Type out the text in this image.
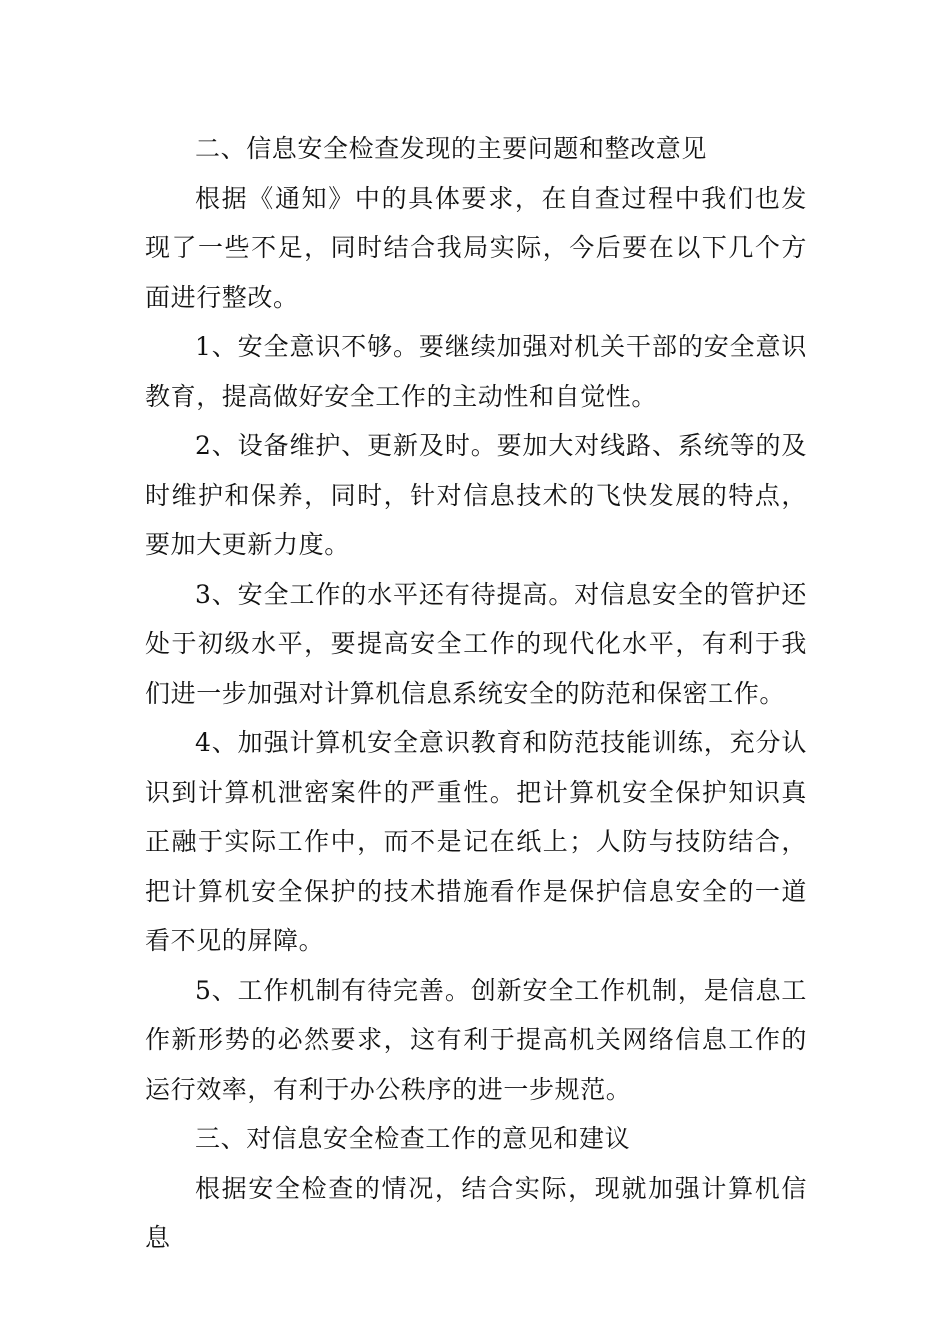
二、信息安全检查发现的主要问题和整改意见

根据《通知》中的具体要求，在自查过程中我们也发现了一些不足，同时结合我局实际，今后要在以下几个方面进行整改。

1、安全意识不够。要继续加强对机关干部的安全意识教育，提高做好安全工作的主动性和自觉性。

2、设备维护、更新及时。要加大对线路、系统等的及时维护和保养，同时，针对信息技术的飞快发展的特点，要加大更新力度。

3、安全工作的水平还有待提高。对信息安全的管护还处于初级水平，要提高安全工作的现代化水平，有利于我们进一步加强对计算机信息系统安全的防范和保密工作。

4、加强计算机安全意识教育和防范技能训练，充分认识到计算机泄密案件的严重性。把计算机安全保护知识真正融于实际工作中，而不是记在纸上；人防与技防结合，把计算机安全保护的技术措施看作是保护信息安全的一道看不见的屏障。

5、工作机制有待完善。创新安全工作机制，是信息工作新形势的必然要求，这有利于提高机关网络信息工作的运行效率，有利于办公秩序的进一步规范。

三、对信息安全检查工作的意见和建议

根据安全检查的情况，结合实际，现就加强计算机信息
